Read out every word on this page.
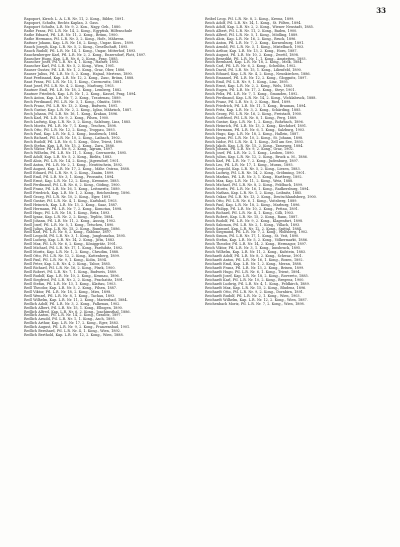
33

Rapoport, Kirsch L. A. L.R. Nr. 11, 2. Kong., Bilder, 1891.

Rapoport, Schultz, Rechts Kaplan, 3. Gass.

Rapoport Schultz, L.R. Nr. 9, 2. Kon., Nagy. Geb., 1880.

Rathe Franz, Ptl. L.R. Nr. 14, 2. Kong., Egyptisk, Hilfenschule

Rathe Eduard, Ptl. L.R. Nr. 11, 2. Kong., Brünn, 1900.

Rathe Hermann, Ptl. L.R. Nr. 3, 2. Kong., Hofr., Mährens.

Rattner Johann, Kap. L.R. Nr. 16, 2. Kong., Ungar. Koss., 1899.

Rauch Joseph, Kap. L.R. Nr. 5, 2. Kong., Gesellschaft, 1895.

Rauch Rudolf, Ptl. L.R. Nr. 14, 1. Kong., Ungar, Mitterhof, 1893.

Rauchenberger Karl, Ptl. L.R. Nr. 2, 2. Kong., Enzersdorf, Plott, 1897.

Rauscher Hugo, Kap. L.R. Nr. 6, 2. Kong., Prag, 1885.

Rauscher Josef, Ptl. L.R. Nr. 4, 1. Kong., Hafner, 1893.

Rauscher Karl, Ptl. L.R. Nr. 5, 2. Kong., Wien, 1901.

Rauser Gustav, Ptl. L.R. Nr. 1, 2. Kong., Graz, Ober, 1886.

Rauser Julius, Ptl. L.R. Nr. 5, 2. Kong., Hajnal, Mertens, 1890.

Raut Ferdinand, Kap. L.R. Nr. 12, 2. Kong., Zauc, Brünn, 1888.

Raut Franz, Ptl. L.R. Nr. 15, 1. Kong., Czernowitz, 1881.

Raut Josef, Ptl. L.R. Nr. 4, 2. Kong., Marburg, 1903.

Rautner Emil, Ptl. L.R. Nr. 18, 2. Kong., Lemberg, 1882.

Rautner Friedrich, Kap. L.R. Nr. 1, 2. Kong., Kassel, Prag, 1894.

Rech Anton, Kap. L.R. Nr. 7, 2. Kong., Trautenau, 1889.

Rech Ferdinand, Ptl. L.R. Nr. 3, 1. Kong., Olmütz, 1899.

Rech Franz, Ptl. L.R. Nr. 13, 2. Kong., Budweis, 1891.

Rech Gustav, Kap. L.R. Nr. 2, 2. Kong., Iglau, Mährisch, 1887.

Rech Johann, Ptl. L.R. Nr. 16, 1. Kong., Krakau, 1896.

Rech Karl, Ptl. L.R. Nr. 9, 2. Kong., Pilsen, 1900.

Rech Ludwig, Kap. L.R. Nr. 3, 2. Kong., Salzburg, Linz, 1885.

Rech Moritz, Ptl. L.R. Nr. 7, 1. Kong., Teschen, 1898.

Rech Otto, Ptl. L.R. Nr. 12, 2. Kong., Troppau, 1893.

Rech Paul, Kap. L.R. Nr. 4, 2. Kong., Innsbruck, 1884.

Rech Richard, Ptl. L.R. Nr. 10, 2. Kong., Laibach, 1902.

Rech Rudolf, Ptl. L.R. Nr. 6, 1. Kong., Görz, Triest, 1890.

Rech Stefan, Kap. L.R. Nr. 15, 2. Kong., Zara, 1886.

Rech Viktor, Ptl. L.R. Nr. 8, 2. Kong., Agram, 1897.

Rech Wilhelm, Ptl. L.R. Nr. 11, 1. Kong., Czernowitz, 1895.

Redl Adolf, Kap. L.R. Nr. 5, 2. Kong., Bielitz, 1883.

Redl Alois, Ptl. L.R. Nr. 14, 2. Kong., Jägerndorf, 1901.

Redl Anton, Ptl. L.R. Nr. 2, 1. Kong., Neutitschein, 1892.

Redl August, Kap. L.R. Nr. 17, 2. Kong., Mähr. Ostrau, 1888.

Redl Eduard, Ptl. L.R. Nr. 9, 2. Kong., Znaim, 1899.

Redl Emil, Ptl. L.R. Nr. 3, 1. Kong., Prossnitz, 1894.

Redl Ernst, Kap. L.R. Nr. 12, 2. Kong., Kremsier, 1885.

Redl Ferdinand, Ptl. L.R. Nr. 6, 2. Kong., Göding, 1900.

Redl Franz, Ptl. L.R. Nr. 16, 1. Kong., Leitmeritz, 1889.

Redl Friedrich, Kap. L.R. Nr. 1, 2. Kong., Reichenberg, 1896.

Redl Georg, Ptl. L.R. Nr. 10, 2. Kong., Eger, 1891.

Redl Gustav, Ptl. L.R. Nr. 4, 1. Kong., Karlsbad, 1903.

Redl Heinrich, Kap. L.R. Nr. 13, 2. Kong., Saaz, 1887.

Redl Hermann, Ptl. L.R. Nr. 7, 2. Kong., Komotau, 1898.

Redl Hugo, Ptl. L.R. Nr. 18, 1. Kong., Brüx, 1893.

Redl Ignaz, Kap. L.R. Nr. 2, 2. Kong., Teplitz, 1884.

Redl Johann, Ptl. L.R. Nr. 11, 2. Kong., Aussig, 1902.

Redl Josef, Ptl. L.R. Nr. 5, 1. Kong., Tetschen, 1890.

Redl Julius, Kap. L.R. Nr. 15, 2. Kong., Rumburg, 1886.

Redl Karl, Ptl. L.R. Nr. 8, 2. Kong., Gablonz, 1897.

Redl Leopold, Ptl. L.R. Nr. 3, 1. Kong., Jungbunzlau, 1895.

Redl Ludwig, Kap. L.R. Nr. 14, 2. Kong., Jičín, 1883.

Redl Max, Ptl. L.R. Nr. 6, 2. Kong., Königgrätz, 1901.

Redl Michael, Ptl. L.R. Nr. 17, 1. Kong., Pardubitz, 1892.

Redl Moritz, Kap. L.R. Nr. 1, 2. Kong., Chrudim, 1888.

Redl Otto, Ptl. L.R. Nr. 12, 2. Kong., Kuttenberg, 1899.

Redl Paul, Ptl. L.R. Nr. 9, 1. Kong., Kolin, 1894.

Redl Peter, Kap. L.R. Nr. 4, 2. Kong., Tabor, 1885.

Redl Richard, Ptl. L.R. Nr. 16, 2. Kong., Písek, 1900.

Redl Robert, Ptl. L.R. Nr. 7, 1. Kong., Budweis, 1889.

Redl Rudolf, Kap. L.R. Nr. 10, 2. Kong., Krumau, 1896.

Redl Siegfried, Ptl. L.R. Nr. 2, 2. Kong., Prachatitz, 1891.

Redl Stefan, Ptl. L.R. Nr. 13, 1. Kong., Klattau, 1903.

Redl Theodor, Kap. L.R. Nr. 5, 2. Kong., Pilsen, 1887.

Redl Viktor, Ptl. L.R. Nr. 18, 2. Kong., Mies, 1898.

Redl Wenzel, Ptl. L.R. Nr. 8, 1. Kong., Tachau, 1893.

Redl Wilhelm, Kap. L.R. Nr. 11, 2. Kong., Marienbad, 1884.

Redlich Adolf, Ptl. L.R. Nr. 3, 2. Kong., Falkenau, 1902.

Redlich Albert, Ptl. L.R. Nr. 15, 1. Kong., Elbogen, 1890.

Redlich Alfred, Kap. L.R. Nr. 6, 2. Kong., Joachimsthal, 1886.

Redlich Anton, Ptl. L.R. Nr. 14, 2. Kong., Graslitz, 1897.

Redlich Arnold, Ptl. L.R. Nr. 1, 1. Kong., Asch, 1895.

Redlich Arthur, Kap. L.R. Nr. 17, 2. Kong., Eger, 1883.

Redlich August, Ptl. L.R. Nr. 9, 2. Kong., Franzensbad, 1901.

Redlich Bernhard, Ptl. L.R. Nr. 4, 1. Kong., Wien, 1892.

Redlich Berthold, Kap. L.R. Nr. 12, 2. Kong., Wien, 1888.

Reibel Leop. Ptl. L.R. Nr. 8, 2. Kong., Krems, 1899.

Reich Adolf, Ptl. L.R. Nr. 14, 1. Kong., St. Pölten, 1894.

Reich Adolf, Kap. L.R. Nr. 2, 2. Kong., Wiener Neustadt, 1885.

Reich Albert, Ptl. L.R. Nr. 11, 2. Kong., Baden, 1900.

Reich Alfred, Ptl. L.R. Nr. 5, 1. Kong., Mödling, 1889.

Reich Alois, Kap. L.R. Nr. 16, 2. Kong., Bruck, 1896.

Reich Anton, Ptl. L.R. Nr. 7, 2. Kong., Korneuburg, 1891.

Reich Arnold, Ptl. L.R. Nr. 3, 1. Kong., Mistelbach, 1903.

Reich Arthur, Kap. L.R. Nr. 13, 2. Kong., Horn, 1887.

Reich August, Ptl. L.R. Nr. 10, 2. Kong., Zwettl, 1898.

Reich Benedikt, Ptl. L.R. Nr. 1, 1. Kong., Amstetten, 1893.

Reich Bernhard, Kap. L.R. Nr. 18, 2. Kong., Melk, 1884.

Reich Carl, Ptl. L.R. Nr. 6, 2. Kong., Scheibbs, 1902.

Reich David, Ptl. L.R. Nr. 15, 1. Kong., Lilienfeld, 1890.

Reich Eduard, Kap. L.R. Nr. 4, 2. Kong., Neunkirchen, 1886.

Reich Emanuel, Ptl. L.R. Nr. 12, 2. Kong., Gloggnitz, 1897.

Reich Emil, Ptl. L.R. Nr. 9, 1. Kong., Linz, 1895.

Reich Ernst, Kap. L.R. Nr. 2, 2. Kong., Wels, 1883.

Reich Eugen, Ptl. L.R. Nr. 17, 2. Kong., Steyr, 1901.

Reich Felix, Ptl. L.R. Nr. 7, 1. Kong., Gmunden, 1892.

Reich Ferdinand, Kap. L.R. Nr. 14, 2. Kong., Vöcklabruck, 1888.

Reich Franz, Ptl. L.R. Nr. 5, 2. Kong., Ried, 1899.

Reich Friedrich, Ptl. L.R. Nr. 11, 1. Kong., Braunau, 1894.

Reich Fritz, Kap. L.R. Nr. 3, 2. Kong., Schärding, 1885.

Reich Georg, Ptl. L.R. Nr. 16, 2. Kong., Freistadt, 1900.

Reich Gottfried, Ptl. L.R. Nr. 8, 1. Kong., Perg, 1889.

Reich Gustav, Kap. L.R. Nr. 1, 2. Kong., Rohrbach, 1896.

Reich Heinrich, Ptl. L.R. Nr. 13, 2. Kong., Kirchdorf, 1891.

Reich Hermann, Ptl. L.R. Nr. 6, 1. Kong., Salzburg, 1903.

Reich Hugo, Kap. L.R. Nr. 18, 2. Kong., Hallein, 1887.

Reich Ignaz, Ptl. L.R. Nr. 10, 2. Kong., St. Johann, 1898.

Reich Isidor, Ptl. L.R. Nr. 4, 1. Kong., Zell am See, 1893.

Reich Jakob, Kap. L.R. Nr. 15, 2. Kong., Tamsweg, 1884.

Reich Johann, Ptl. L.R. Nr. 9, 2. Kong., Graz, 1902.

Reich Josef, Ptl. L.R. Nr. 2, 1. Kong., Leoben, 1890.

Reich Julius, Kap. L.R. Nr. 12, 2. Kong., Bruck a. M., 1886.

Reich Karl, Ptl. L.R. Nr. 7, 2. Kong., Judenburg, 1897.

Reich Leo, Ptl. L.R. Nr. 17, 1. Kong., Murau, 1895.

Reich Leopold, Kap. L.R. Nr. 5, 2. Kong., Liezen, 1883.

Reich Ludwig, Ptl. L.R. Nr. 14, 2. Kong., Gröbming, 1901.

Reich Markus, Ptl. L.R. Nr. 3, 1. Kong., Hartberg, 1892.

Reich Max, Kap. L.R. Nr. 11, 2. Kong., Weiz, 1888.

Reich Michael, Ptl. L.R. Nr. 8, 2. Kong., Feldbach, 1899.

Reich Moritz, Ptl. L.R. Nr. 16, 1. Kong., Radkersburg, 1894.

Reich Nathan, Kap. L.R. Nr. 1, 2. Kong., Leibnitz, 1885.

Reich Oskar, Ptl. L.R. Nr. 13, 2. Kong., Deutschlandsberg, 1900.

Reich Otto, Ptl. L.R. Nr. 6, 1. Kong., Voitsberg, 1889.

Reich Paul, Kap. L.R. Nr. 18, 2. Kong., Marburg, 1896.

Reich Philipp, Ptl. L.R. Nr. 10, 2. Kong., Pettau, 1891.

Reich Richard, Ptl. L.R. Nr. 4, 1. Kong., Cilli, 1903.

Reich Robert, Kap. L.R. Nr. 15, 2. Kong., Rann, 1887.

Reich Rudolf, Ptl. L.R. Nr. 9, 2. Kong., Klagenfurt, 1898.

Reich Salomon, Ptl. L.R. Nr. 2, 1. Kong., Villach, 1893.

Reich Samuel, Kap. L.R. Nr. 12, 2. Kong., Spittal, 1884.

Reich Siegmund, Ptl. L.R. Nr. 7, 2. Kong., Wolfsberg, 1902.

Reich Simon, Ptl. L.R. Nr. 17, 1. Kong., St. Veit, 1890.

Reich Stefan, Kap. L.R. Nr. 5, 2. Kong., Völkermarkt, 1886.

Reich Theodor, Ptl. L.R. Nr. 14, 2. Kong., Hermagor, 1897.

Reich Viktor, Ptl. L.R. Nr. 3, 1. Kong., Innsbruck, 1895.

Reich Wilhelm, Kap. L.R. Nr. 11, 2. Kong., Kufstein, 1883.

Reichardt Adolf, Ptl. L.R. Nr. 8, 2. Kong., Schwaz, 1901.

Reichardt Anton, Ptl. L.R. Nr. 16, 1. Kong., Bozen, 1892.

Reichardt Emil, Kap. L.R. Nr. 1, 2. Kong., Meran, 1888.

Reichardt Franz, Ptl. L.R. Nr. 13, 2. Kong., Brixen, 1899.

Reichardt Hugo, Ptl. L.R. Nr. 6, 1. Kong., Trient, 1894.

Reichardt Josef, Kap. L.R. Nr. 18, 2. Kong., Rovereto, 1885.

Reichardt Karl, Ptl. L.R. Nr. 10, 2. Kong., Bregenz, 1900.

Reichardt Ludwig, Ptl. L.R. Nr. 4, 1. Kong., Feldkirch, 1889.

Reichardt Max, Kap. L.R. Nr. 15, 2. Kong., Bludenz, 1896.

Reichardt Otto, Ptl. L.R. Nr. 9, 2. Kong., Dornbirn, 1891.

Reichardt Rudolf, Ptl. L.R. Nr. 2, 1. Kong., Wien, 1903.

Reichardt Wilhelm, Kap. L.R. Nr. 12, 2. Kong., Wien, 1887.

Reichenbach Moriz, Ptl. L.R. Nr. 7, 2. Kong., Wien, 1898.
